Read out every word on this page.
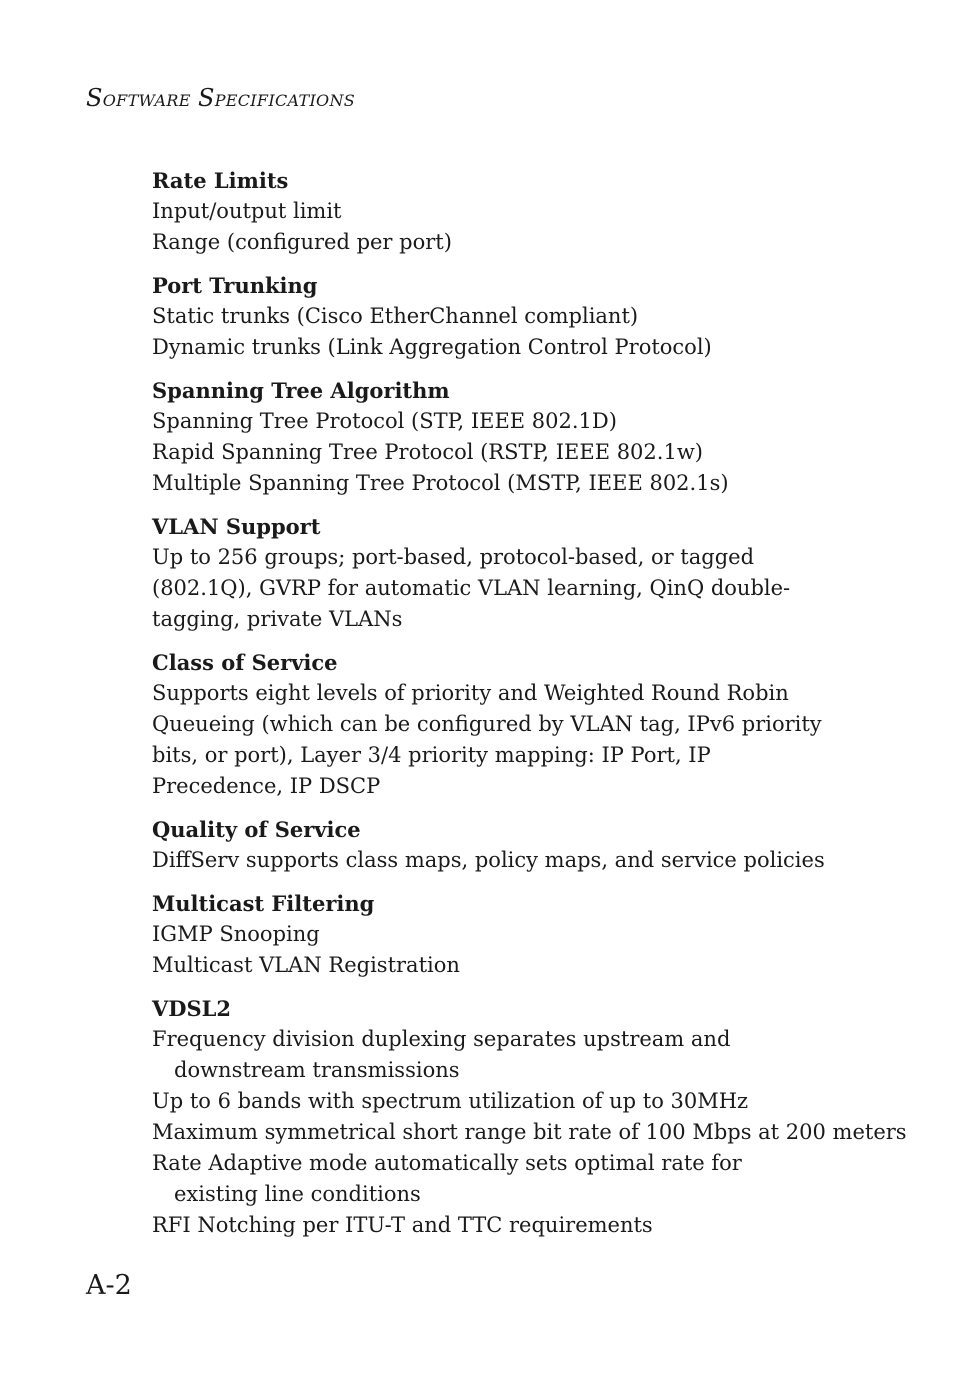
SOFTWARE SPECIFICATIONS
Rate Limits
Input/output limit
Range (configured per port)
Port Trunking
Static trunks (Cisco EtherChannel compliant)
Dynamic trunks (Link Aggregation Control Protocol)
Spanning Tree Algorithm
Spanning Tree Protocol (STP, IEEE 802.1D)
Rapid Spanning Tree Protocol (RSTP, IEEE 802.1w)
Multiple Spanning Tree Protocol (MSTP, IEEE 802.1s)
VLAN Support
Up to 256 groups; port-based, protocol-based, or tagged (802.1Q), GVRP for automatic VLAN learning, QinQ double-tagging, private VLANs
Class of Service
Supports eight levels of priority and Weighted Round Robin Queueing (which can be configured by VLAN tag, IPv6 priority bits, or port), Layer 3/4 priority mapping: IP Port, IP Precedence, IP DSCP
Quality of Service
DiffServ supports class maps, policy maps, and service policies
Multicast Filtering
IGMP Snooping
Multicast VLAN Registration
VDSL2
Frequency division duplexing separates upstream and downstream transmissions
Up to 6 bands with spectrum utilization of up to 30MHz
Maximum symmetrical short range bit rate of 100 Mbps at 200 meters
Rate Adaptive mode automatically sets optimal rate for existing line conditions
RFI Notching per ITU-T and TTC requirements
A-2
